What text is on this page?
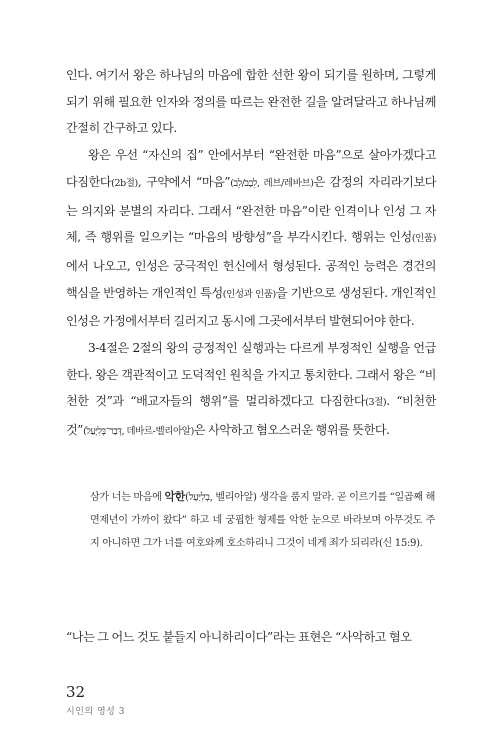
인다. 여기서 왕은 하나님의 마음에 합한 선한 왕이 되기를 원하며, 그렇게 되기 위해 필요한 인자와 정의를 따르는 완전한 길을 알려달라고 하나님께 간절히 간구하고 있다.

왕은 우선 “자신의 집” 안에서부터 “완전한 마음”으로 살아가겠다고 다짐한다(2b절), 구약에서 “마음”(לֵבָב/לֵב, 레브/레바브)은 감정의 자리라기보다는 의지와 분별의 자리다. 그래서 “완전한 마음”이란 인격이나 인성 그 자체, 즉 행위를 일으키는 “마음의 방향성”을 부각시킨다. 행위는 인성(인품)에서 나오고, 인성은 궁극적인 헌신에서 형성된다. 공적인 능력은 경건의 핵심을 반영하는 개인적인 특성(인성과 인품)을 기반으로 생성된다. 개인적인 인성은 가정에서부터 길러지고 동시에 그곳에서부터 발현되어야 한다.

3-4절은 2절의 왕의 긍정적인 실행과는 다르게 부정적인 실행을 언급한다. 왕은 객관적이고 도덕적인 원칙을 가지고 통치한다. 그래서 왕은 “비천한 것”과 “배교자들의 행위”를 멀리하겠다고 다짐한다(3절). “비천한 것”(דְּבַר־בְּלִיָּעַל, 데바르-벨리아알)은 사악하고 혐오스러운 행위를 뜻한다.

삼가 너는 마음에 악한(בְלִיַּעַל, 벨리아알) 생각을 품지 말라. 곧 이르기를 “일곱째 해 면제년이 가까이 왔다” 하고 네 궁핍한 형제를 악한 눈으로 바라보며 아무것도 주지 아니하면 그가 너를 여호와께 호소하리니 그것이 네게 죄가 되리라(신 15:9).

“나는 그 어느 것도 붙들지 아니하리이다”라는 표현은 “사악하고 혐오

32
시인의 영성 3
